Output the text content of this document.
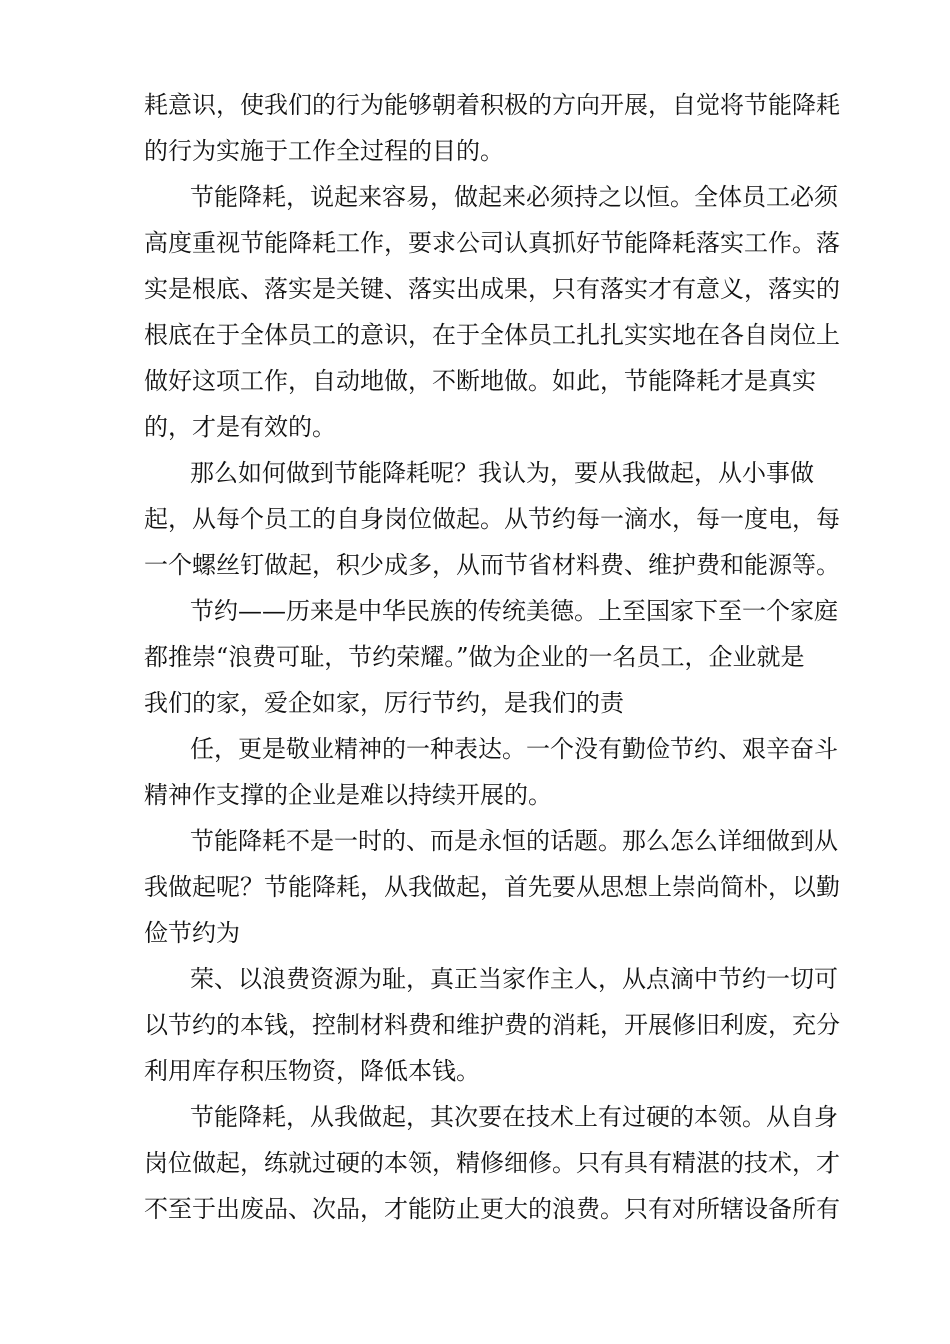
耗意识，使我们的行为能够朝着积极的方向开展，自觉将节能降耗
的行为实施于工作全过程的目的。
节能降耗，说起来容易，做起来必须持之以恒。全体员工必须
高度重视节能降耗工作，要求公司认真抓好节能降耗落实工作。落
实是根底、落实是关键、落实出成果，只有落实才有意义，落实的
根底在于全体员工的意识，在于全体员工扎扎实实地在各自岗位上
做好这项工作，自动地做，不断地做。如此，节能降耗才是真实
的，才是有效的。
那么如何做到节能降耗呢？我认为，要从我做起，从小事做
起，从每个员工的自身岗位做起。从节约每一滴水，每一度电，每
一个螺丝钉做起，积少成多，从而节省材料费、维护费和能源等。
节约——历来是中华民族的传统美德。上至国家下至一个家庭
都推崇“浪费可耻，节约荣耀。”做为企业的一名员工，企业就是
我们的家，爱企如家，厉行节约，是我们的责
任，更是敬业精神的一种表达。一个没有勤俭节约、艰辛奋斗
精神作支撑的企业是难以持续开展的。
节能降耗不是一时的、而是永恒的话题。那么怎么详细做到从
我做起呢？节能降耗，从我做起，首先要从思想上崇尚简朴，以勤
俭节约为
荣、以浪费资源为耻，真正当家作主人，从点滴中节约一切可
以节约的本钱，控制材料费和维护费的消耗，开展修旧利废，充分
利用库存积压物资，降低本钱。
节能降耗，从我做起，其次要在技术上有过硬的本领。从自身
岗位做起，练就过硬的本领，精修细修。只有具有精湛的技术，才
不至于出废品、次品，才能防止更大的浪费。只有对所辖设备所有
